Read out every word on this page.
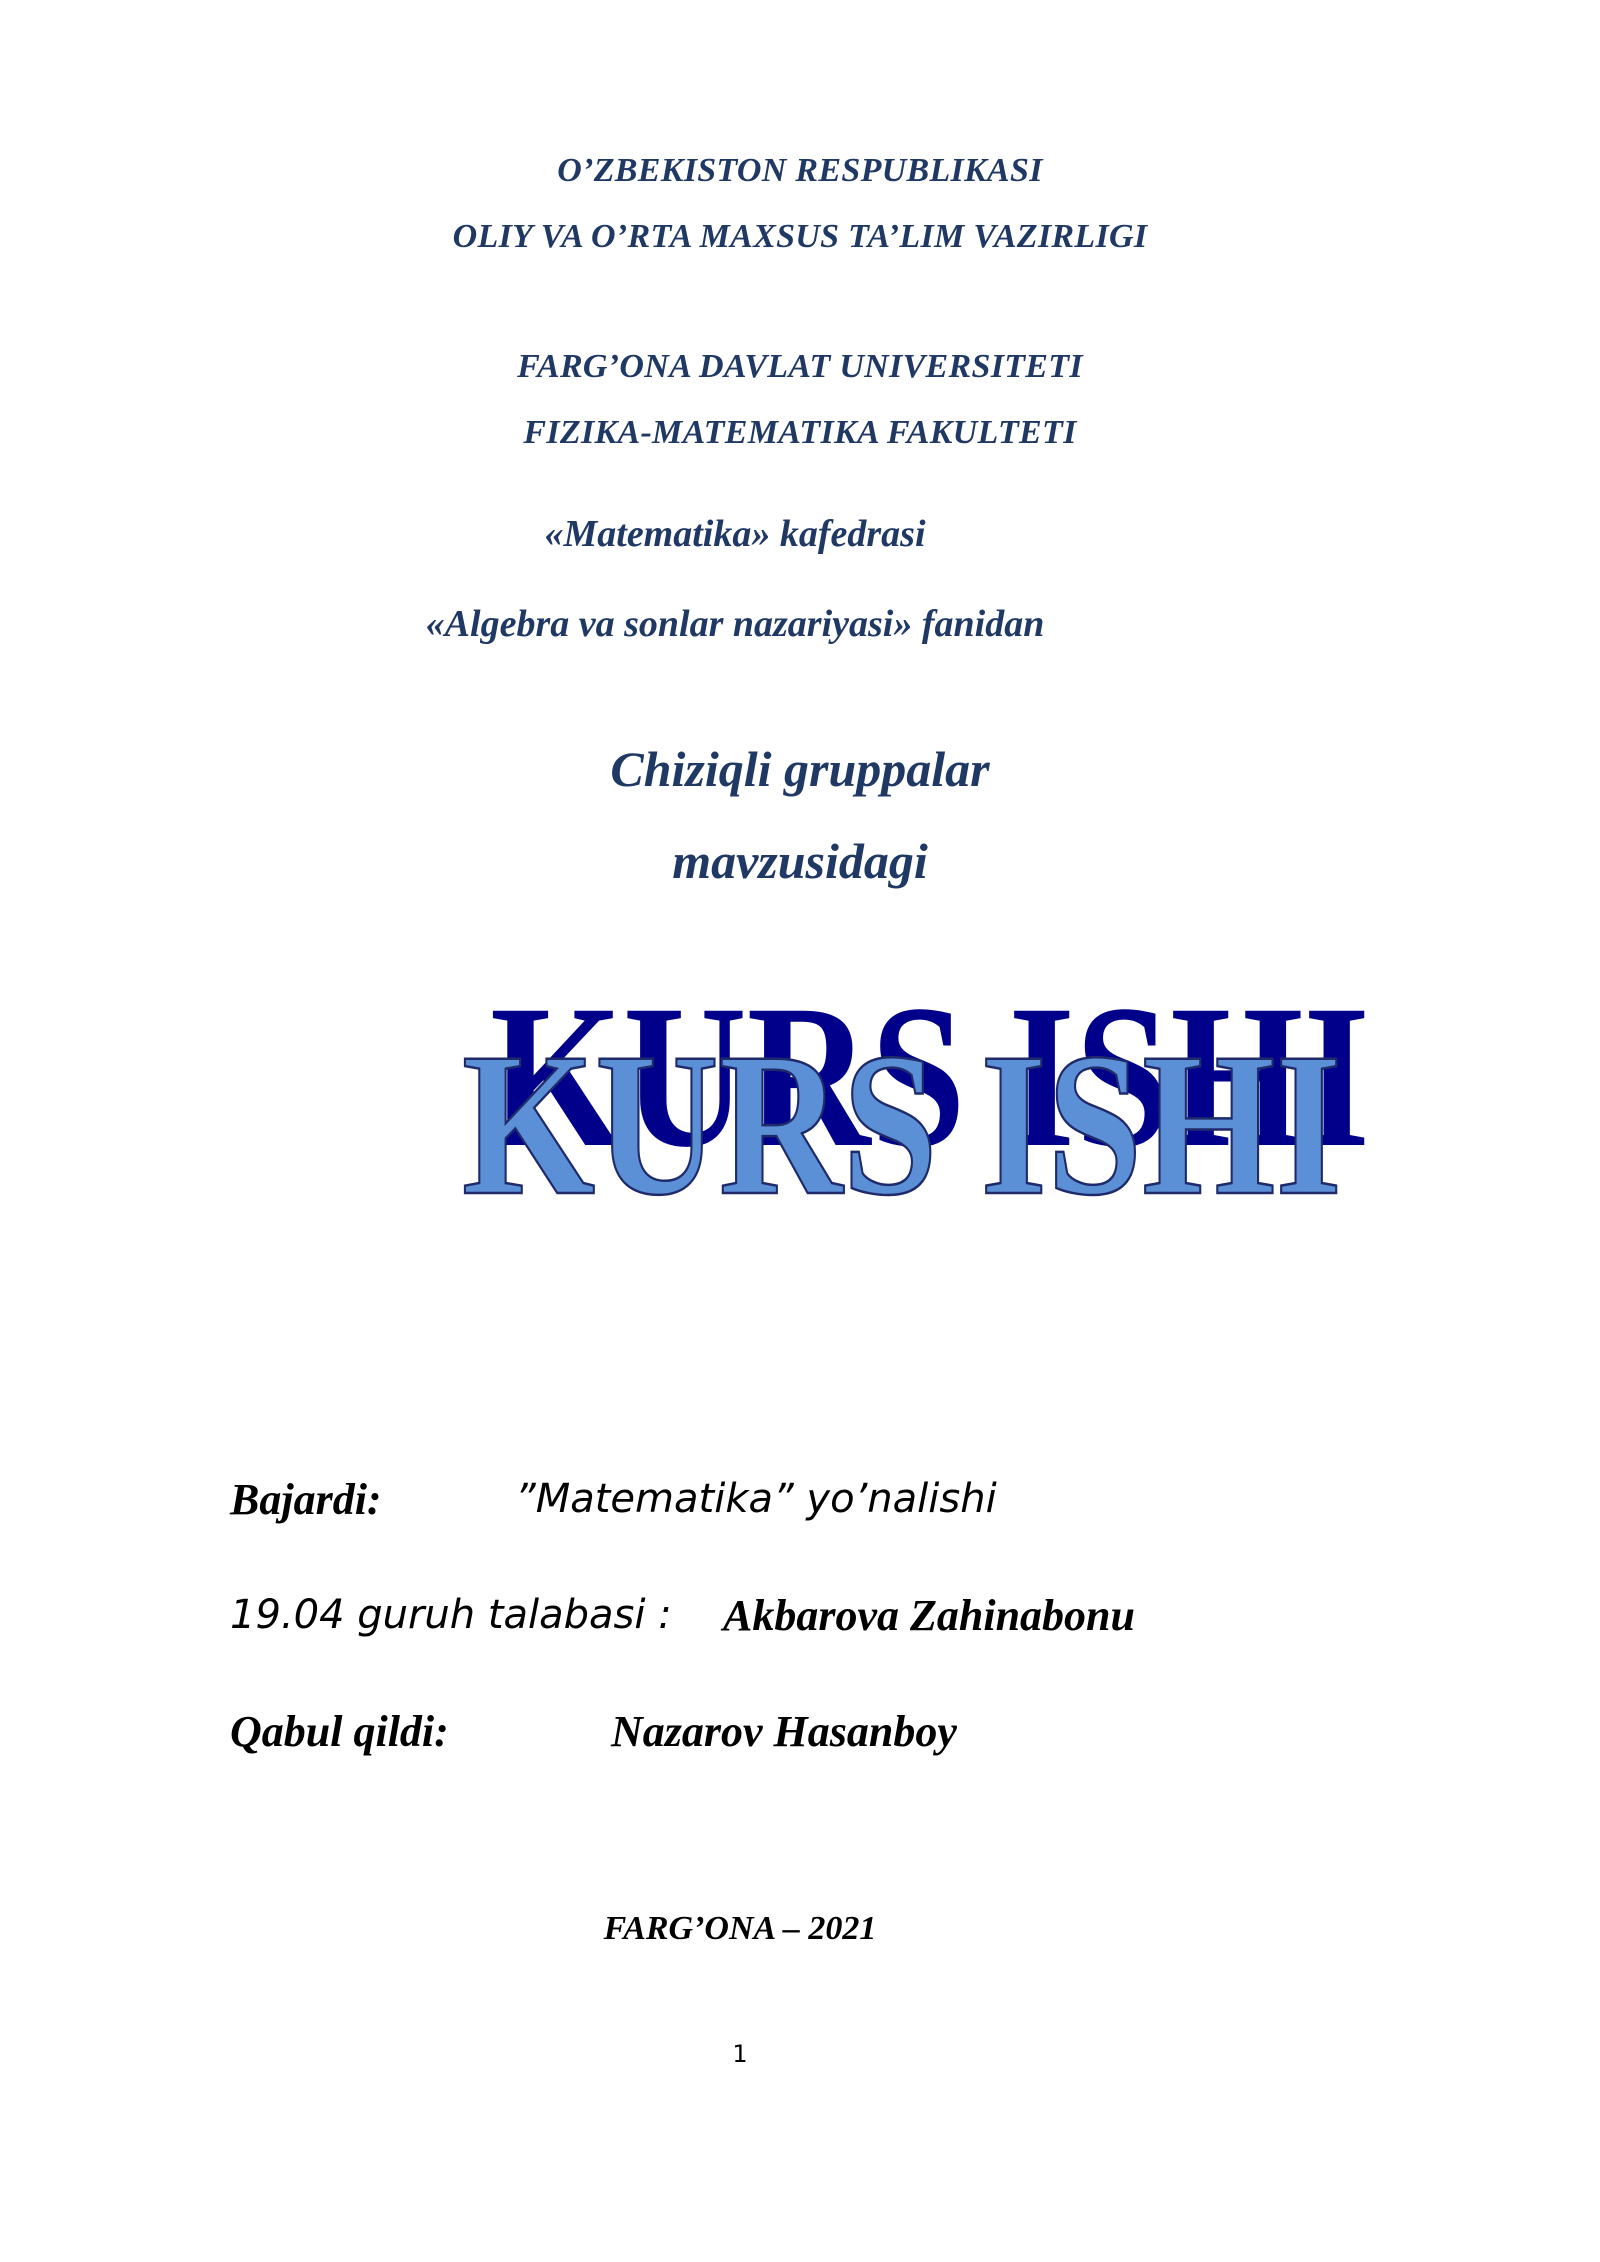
O’ZBEKISTON RESPUBLIKASI
OLIY VA O’RTA MAXSUS TA’LIM VAZIRLIGI
FARG’ONA DAVLAT UNIVERSITETI
FIZIKA-MATEMATIKA FAKULTETI
«Matematika» kafedrasi
«Algebra va sonlar nazariyasi» fanidan
Chiziqli gruppalar
mavzusidagi
KURS ISHI
KURS ISHI
Bajardi:	”Matematika” yo’nalishi
19.04 guruh talabasi : Akbarova Zahinabonu
Qabul qildi:	Nazarov Hasanboy
FARG’ONA – 2021
1
